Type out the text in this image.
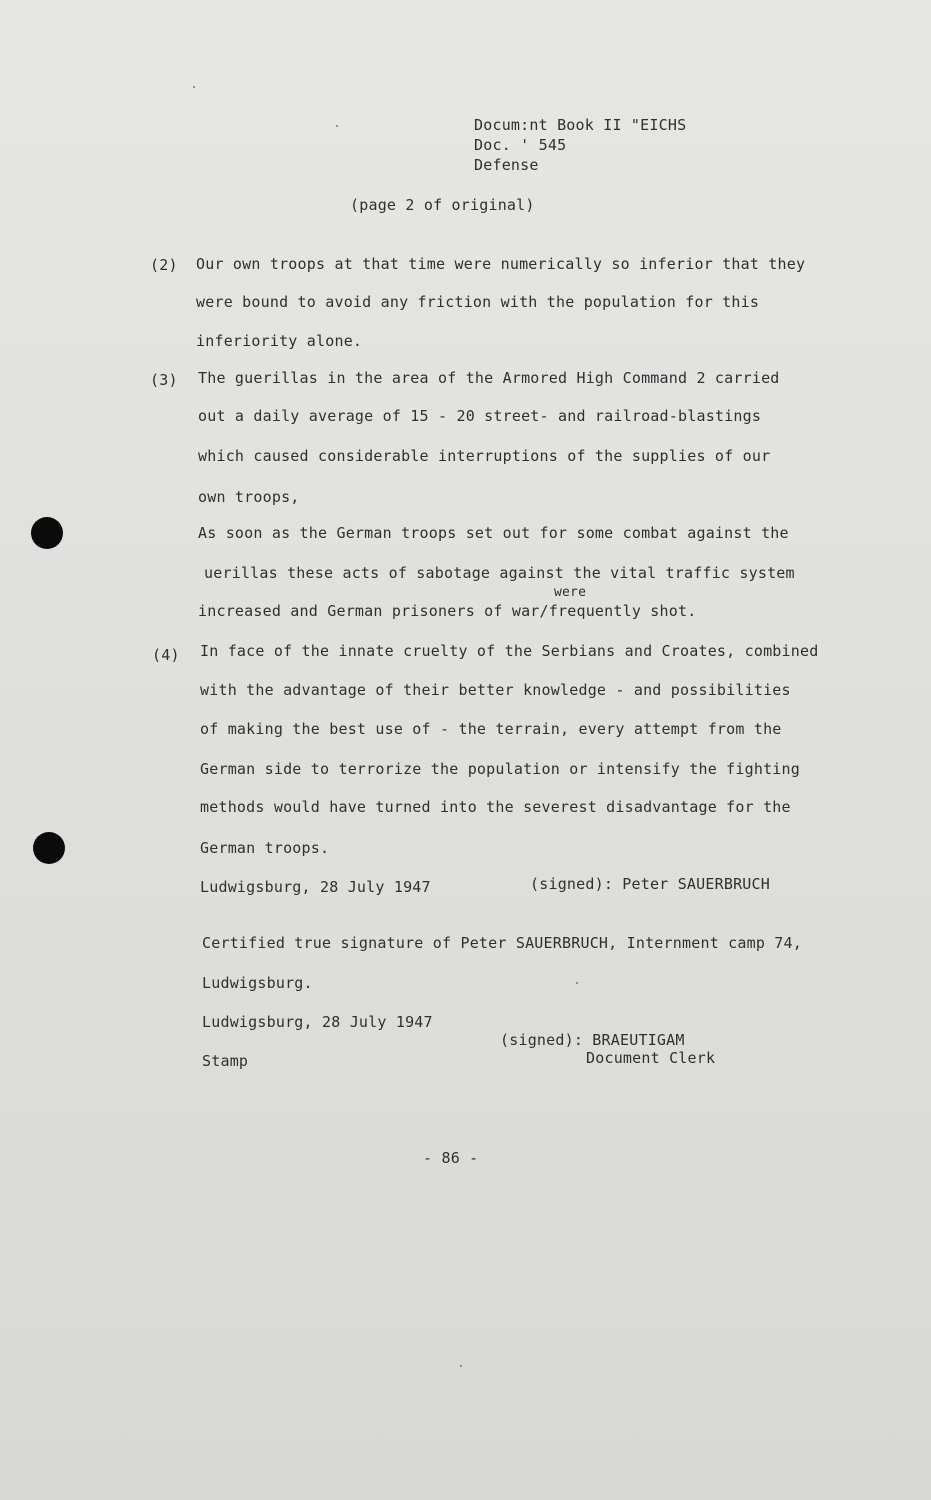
Docum:nt Book II "EICHS
Doc. ' 545
Defense
(page 2 of original)
(2) Our own troops at that time were numerically so inferior that they
were bound to avoid any friction with the population for this
inferiority alone.
(3) The guerillas in the area of the Armored High Command 2 carried
out a daily average of 15 - 20 street- and railroad-blastings
which caused considerable interruptions of the supplies of our
own troops,
As soon as the German troops set out for some combat against the
uerillas these acts of sabotage against the vital traffic system
were
increased and German prisoners of war/frequently shot.
(4) In face of the innate cruelty of the Serbians and Croates, combined
with the advantage of their better knowledge - and possibilities
of making the best use of - the terrain, every attempt from the
German side to terrorize the population or intensify the fighting
methods would have turned into the severest disadvantage for the
German troops.
Ludwigsburg, 28 July 1947	(signed): Peter SAUERBRUCH
Certified true signature of Peter SAUERBRUCH, Internment camp 74,
Ludwigsburg.
Ludwigsburg, 28 July 1947
(signed): BRAEUTIGAM
Stamp	Document Clerk
- 86 -
